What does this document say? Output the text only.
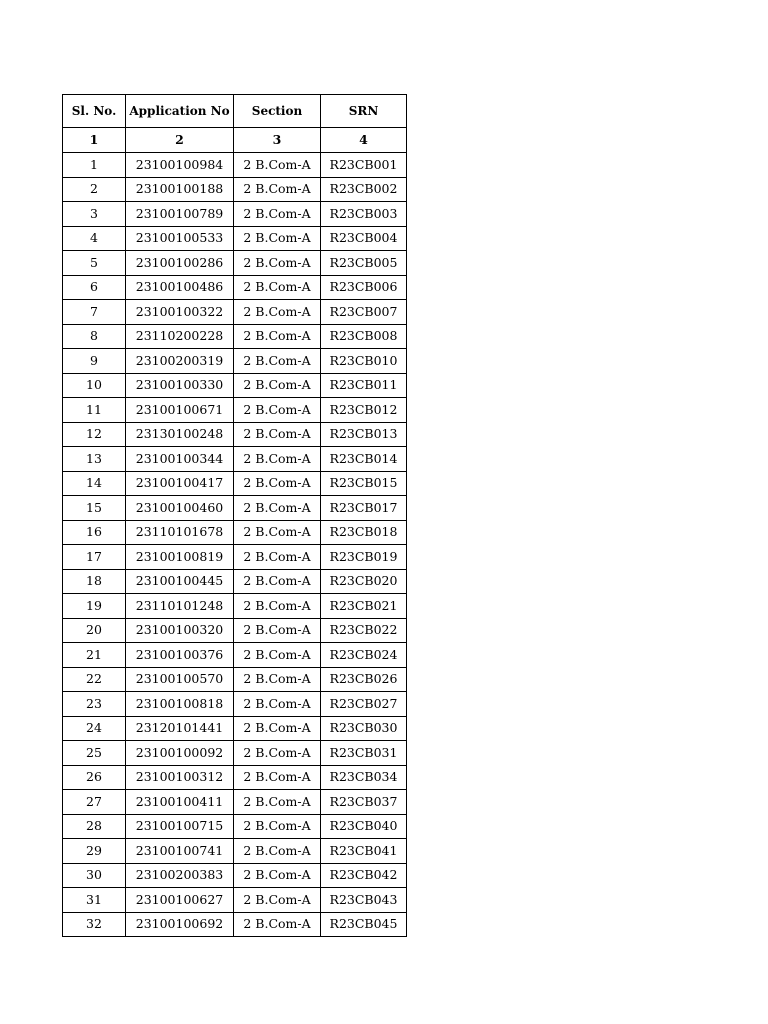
Sl. No.	Application No	Section	SRN
1	2	3	4
1	23100100984	2 B.Com-A	R23CB001
2	23100100188	2 B.Com-A	R23CB002
3	23100100789	2 B.Com-A	R23CB003
4	23100100533	2 B.Com-A	R23CB004
5	23100100286	2 B.Com-A	R23CB005
6	23100100486	2 B.Com-A	R23CB006
7	23100100322	2 B.Com-A	R23CB007
8	23110200228	2 B.Com-A	R23CB008
9	23100200319	2 B.Com-A	R23CB010
10	23100100330	2 B.Com-A	R23CB011
11	23100100671	2 B.Com-A	R23CB012
12	23130100248	2 B.Com-A	R23CB013
13	23100100344	2 B.Com-A	R23CB014
14	23100100417	2 B.Com-A	R23CB015
15	23100100460	2 B.Com-A	R23CB017
16	23110101678	2 B.Com-A	R23CB018
17	23100100819	2 B.Com-A	R23CB019
18	23100100445	2 B.Com-A	R23CB020
19	23110101248	2 B.Com-A	R23CB021
20	23100100320	2 B.Com-A	R23CB022
21	23100100376	2 B.Com-A	R23CB024
22	23100100570	2 B.Com-A	R23CB026
23	23100100818	2 B.Com-A	R23CB027
24	23120101441	2 B.Com-A	R23CB030
25	23100100092	2 B.Com-A	R23CB031
26	23100100312	2 B.Com-A	R23CB034
27	23100100411	2 B.Com-A	R23CB037
28	23100100715	2 B.Com-A	R23CB040
29	23100100741	2 B.Com-A	R23CB041
30	23100200383	2 B.Com-A	R23CB042
31	23100100627	2 B.Com-A	R23CB043
32	23100100692	2 B.Com-A	R23CB045
